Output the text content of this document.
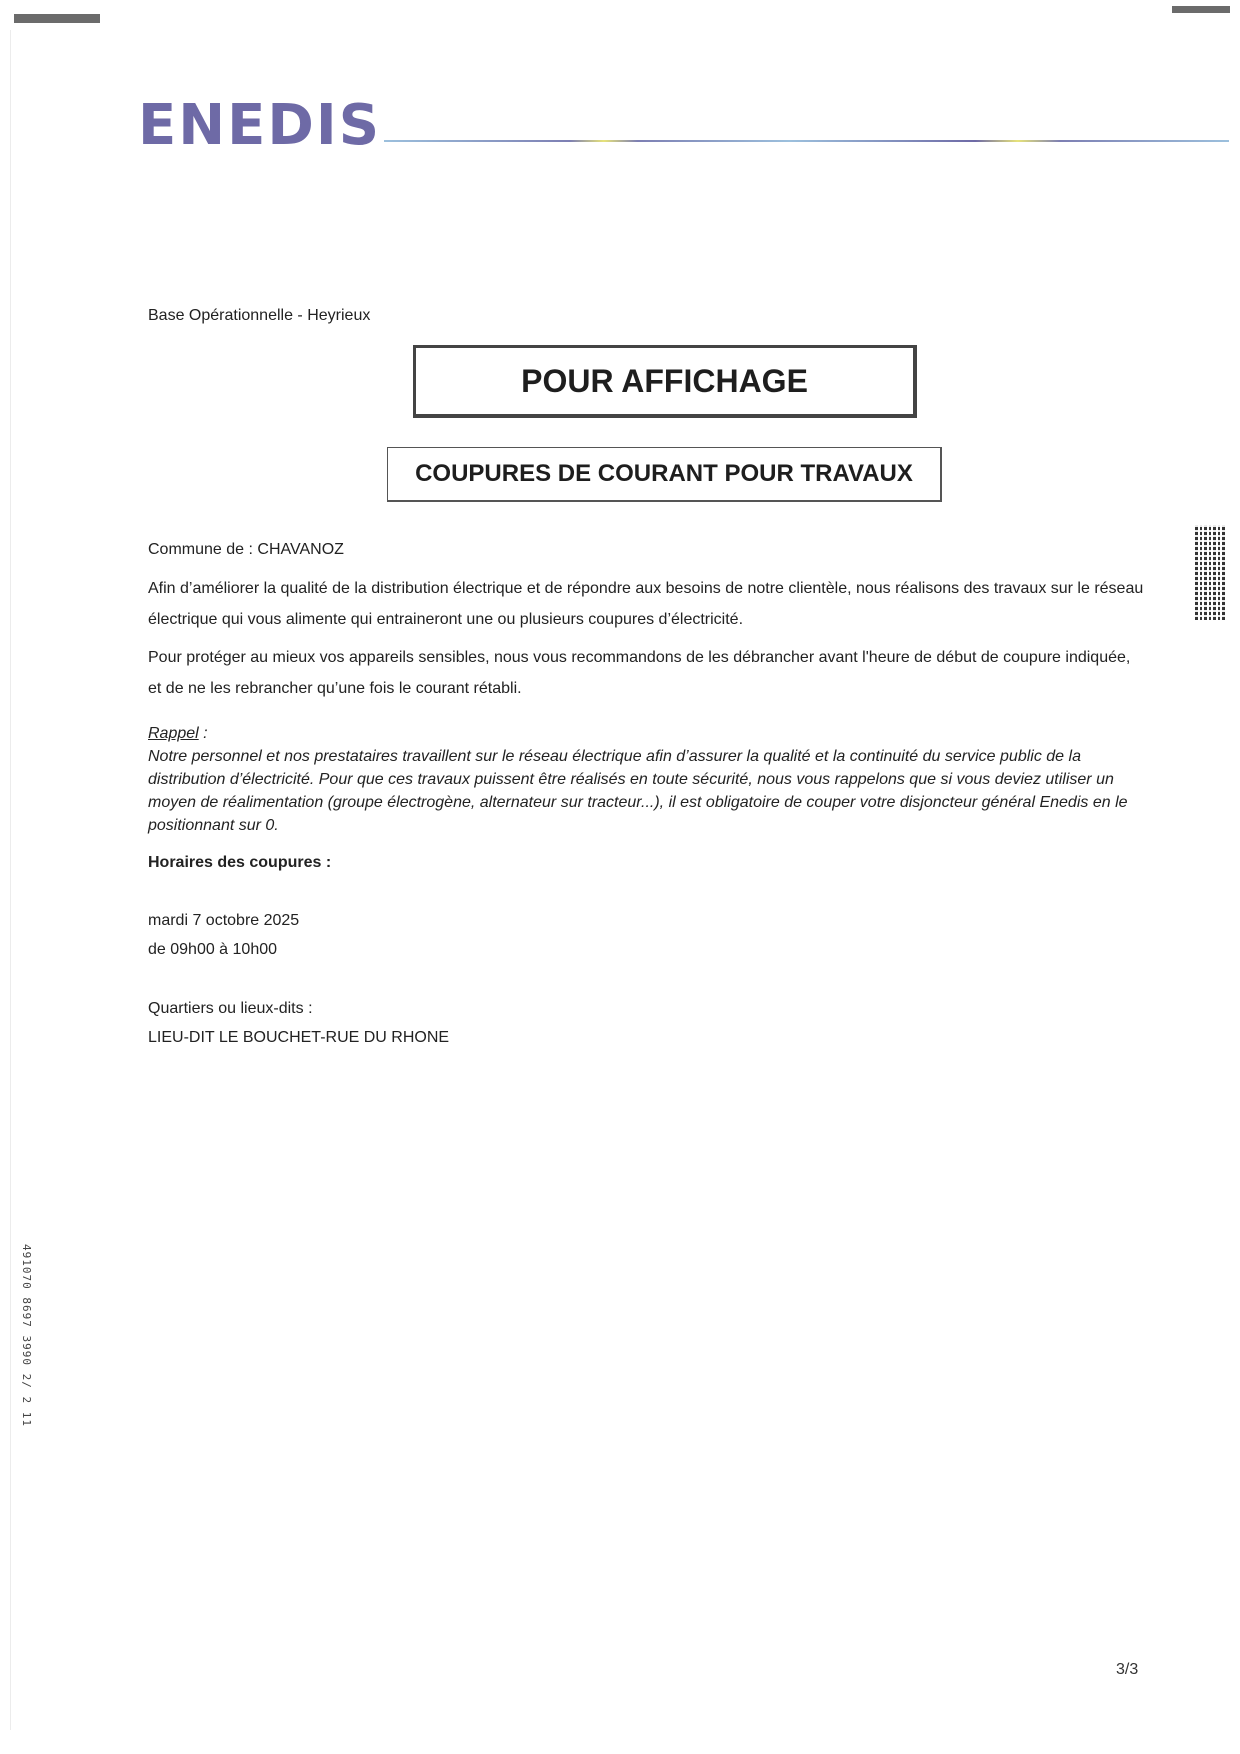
ENEDIS
Base Opérationnelle - Heyrieux
POUR AFFICHAGE
COUPURES DE COURANT POUR TRAVAUX
Commune de : CHAVANOZ
Afin d’améliorer la qualité de la distribution électrique et de répondre aux besoins de notre clientèle, nous réalisons des travaux sur le réseau électrique qui vous alimente qui entraineront une ou plusieurs coupures d’électricité.
Pour protéger au mieux vos appareils sensibles, nous vous recommandons de les débrancher avant l'heure de début de coupure indiquée, et de ne les rebrancher qu’une fois le courant rétabli.
Rappel :
Notre personnel et nos prestataires travaillent sur le réseau électrique afin d’assurer la qualité et la continuité du service public de la distribution d’électricité. Pour que ces travaux puissent être réalisés en toute sécurité, nous vous rappelons que si vous deviez utiliser un moyen de réalimentation (groupe électrogène, alternateur sur tracteur...), il est obligatoire de couper votre disjoncteur général Enedis en le positionnant sur 0.
Horaires des coupures :
mardi 7 octobre 2025
de 09h00 à 10h00
Quartiers ou lieux-dits :
LIEU-DIT LE BOUCHET-RUE DU RHONE
491070 8697 3990 2/ 2 11
3/3
